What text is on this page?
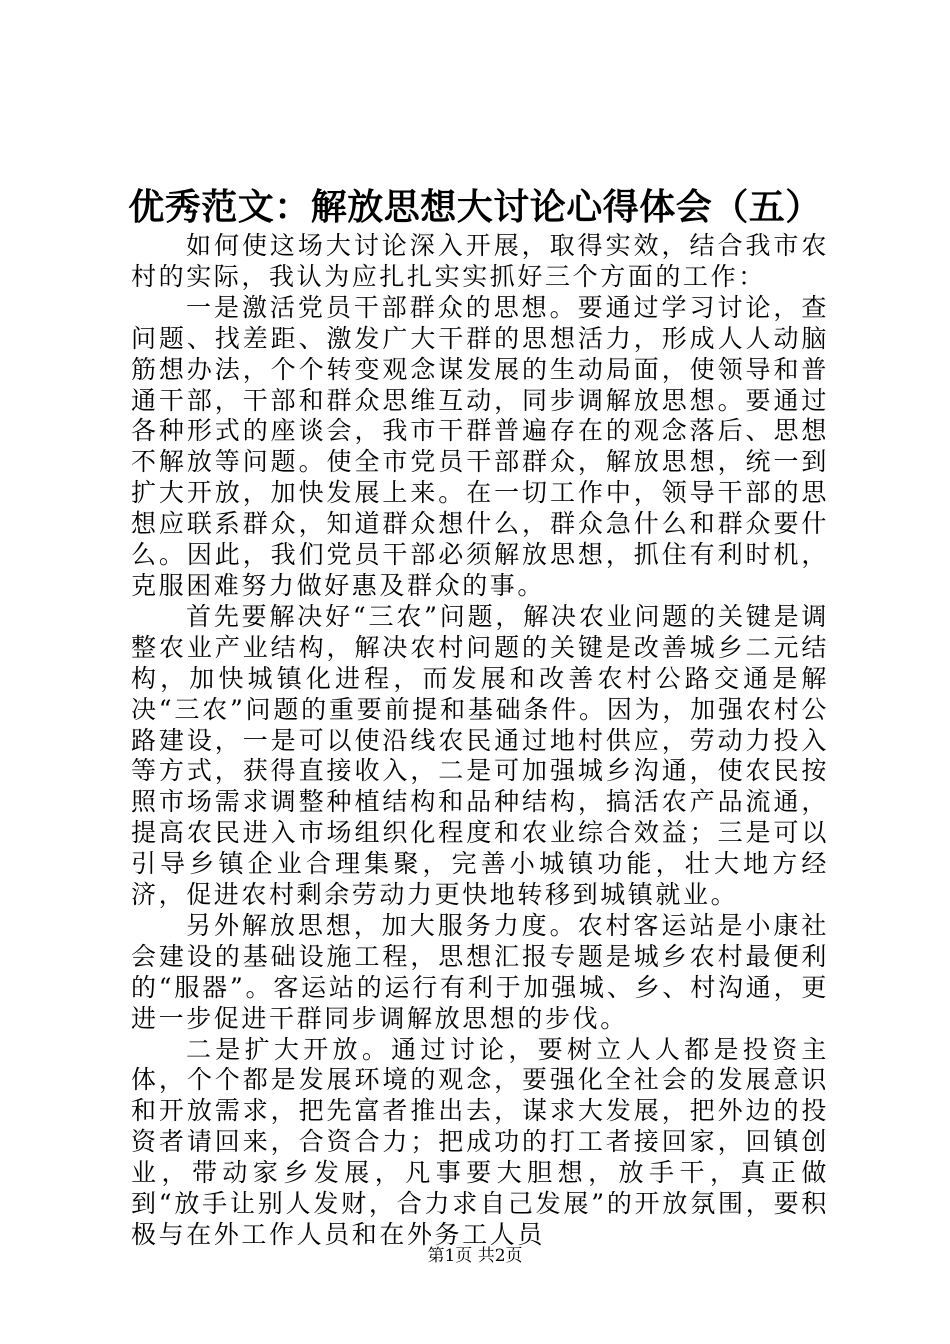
优秀范文：解放思想大讨论心得体会（五）

如何使这场大讨论深入开展，取得实效，结合我市农村的实际，我认为应扎扎实实抓好三个方面的工作：

一是激活党员干部群众的思想。要通过学习讨论，查问题、找差距、激发广大干群的思想活力，形成人人动脑筋想办法，个个转变观念谋发展的生动局面，使领导和普通干部，干部和群众思维互动，同步调解放思想。要通过各种形式的座谈会，我市干群普遍存在的观念落后、思想不解放等问题。使全市党员干部群众，解放思想，统一到扩大开放，加快发展上来。在一切工作中，领导干部的思想应联系群众，知道群众想什么，群众急什么和群众要什么。因此，我们党员干部必须解放思想，抓住有利时机，克服困难努力做好惠及群众的事。

首先要解决好“三农”问题，解决农业问题的关键是调整农业产业结构，解决农村问题的关键是改善城乡二元结构，加快城镇化进程，而发展和改善农村公路交通是解决“三农”问题的重要前提和基础条件。因为，加强农村公路建设，一是可以使沿线农民通过地村供应，劳动力投入等方式，获得直接收入，二是可加强城乡沟通，使农民按照市场需求调整种植结构和品种结构，搞活农产品流通，提高农民进入市场组织化程度和农业综合效益；三是可以引导乡镇企业合理集聚，完善小城镇功能，壮大地方经济，促进农村剩余劳动力更快地转移到城镇就业。

另外解放思想，加大服务力度。农村客运站是小康社会建设的基础设施工程，思想汇报专题是城乡农村最便利的“服器”。客运站的运行有利于加强城、乡、村沟通，更进一步促进干群同步调解放思想的步伐。

二是扩大开放。通过讨论，要树立人人都是投资主体，个个都是发展环境的观念，要强化全社会的发展意识和开放需求，把先富者推出去，谋求大发展，把外边的投资者请回来，合资合力；把成功的打工者接回家，回镇创业，带动家乡发展，凡事要大胆想，放手干，真正做到“放手让别人发财，合力求自己发展”的开放氛围，要积极与在外工作人员和在外务工人员

第1页 共2页
